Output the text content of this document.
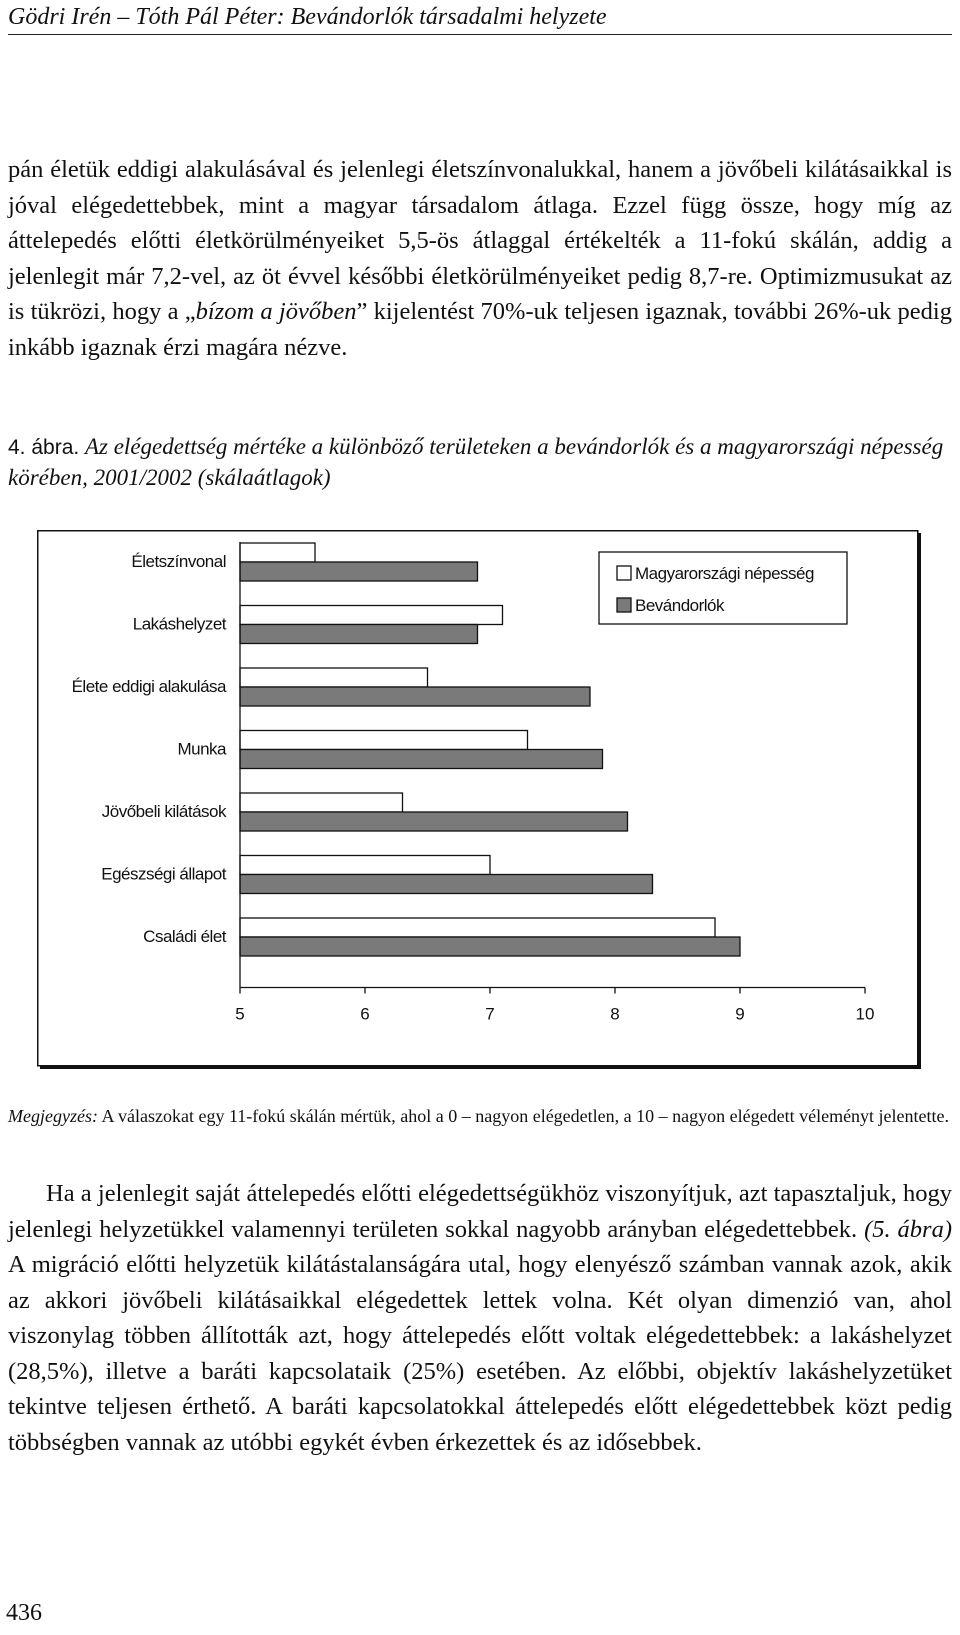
Gödri Irén – Tóth Pál Péter: Bevándorlók társadalmi helyzete

pán életük eddigi alakulásával és jelenlegi életszínvonalukkal, hanem a jövőbeli kilátásaikkal is jóval elégedettebbek, mint a magyar társadalom átlaga. Ezzel függ össze, hogy míg az áttelepedés előtti életkörülményeiket 5,5-ös átlaggal értékelték a 11-fokú skálán, addig a jelenlegit már 7,2-vel, az öt évvel későbbi életkörülményeiket pedig 8,7-re. Optimizmusukat az is tükrözi, hogy a „bízom a jövőben” kijelentést 70%-uk teljesen igaznak, további 26%-uk pedig inkább igaznak érzi magára nézve.

4. ábra. Az elégedettség mértéke a különböző területeken a bevándorlók és a magyarországi népesség körében, 2001/2002 (skálaátlagok)

Életszínvonal
Lakáshelyzet
Élete eddigi alakulása
Munka
Jövőbeli kilátások
Egészségi állapot
Családi élet
5	6	7	8	9	10
Magyarországi népesség
Bevándorlók

Megjegyzés: A válaszokat egy 11-fokú skálán mértük, ahol a 0 – nagyon elégedetlen, a 10 – nagyon elégedett véleményt jelentette.

Ha a jelenlegit saját áttelepedés előtti elégedettségükhöz viszonyítjuk, azt tapasztaljuk, hogy jelenlegi helyzetükkel valamennyi területen sokkal nagyobb arányban elégedettebbek. (5. ábra) A migráció előtti helyzetük kilátástalanságára utal, hogy elenyésző számban vannak azok, akik az akkori jövőbeli kilátásaikkal elégedettek lettek volna. Két olyan dimenzió van, ahol viszonylag többen állították azt, hogy áttelepedés előtt voltak elégedettebbek: a lakáshelyzet (28,5%), illetve a baráti kapcsolataik (25%) esetében. Az előbbi, objektív lakáshelyzetüket tekintve teljesen érthető. A baráti kapcsolatokkal áttelepedés előtt elégedettebbek közt pedig többségben vannak az utóbbi egykét évben érkezettek és az idősebbek.

436
